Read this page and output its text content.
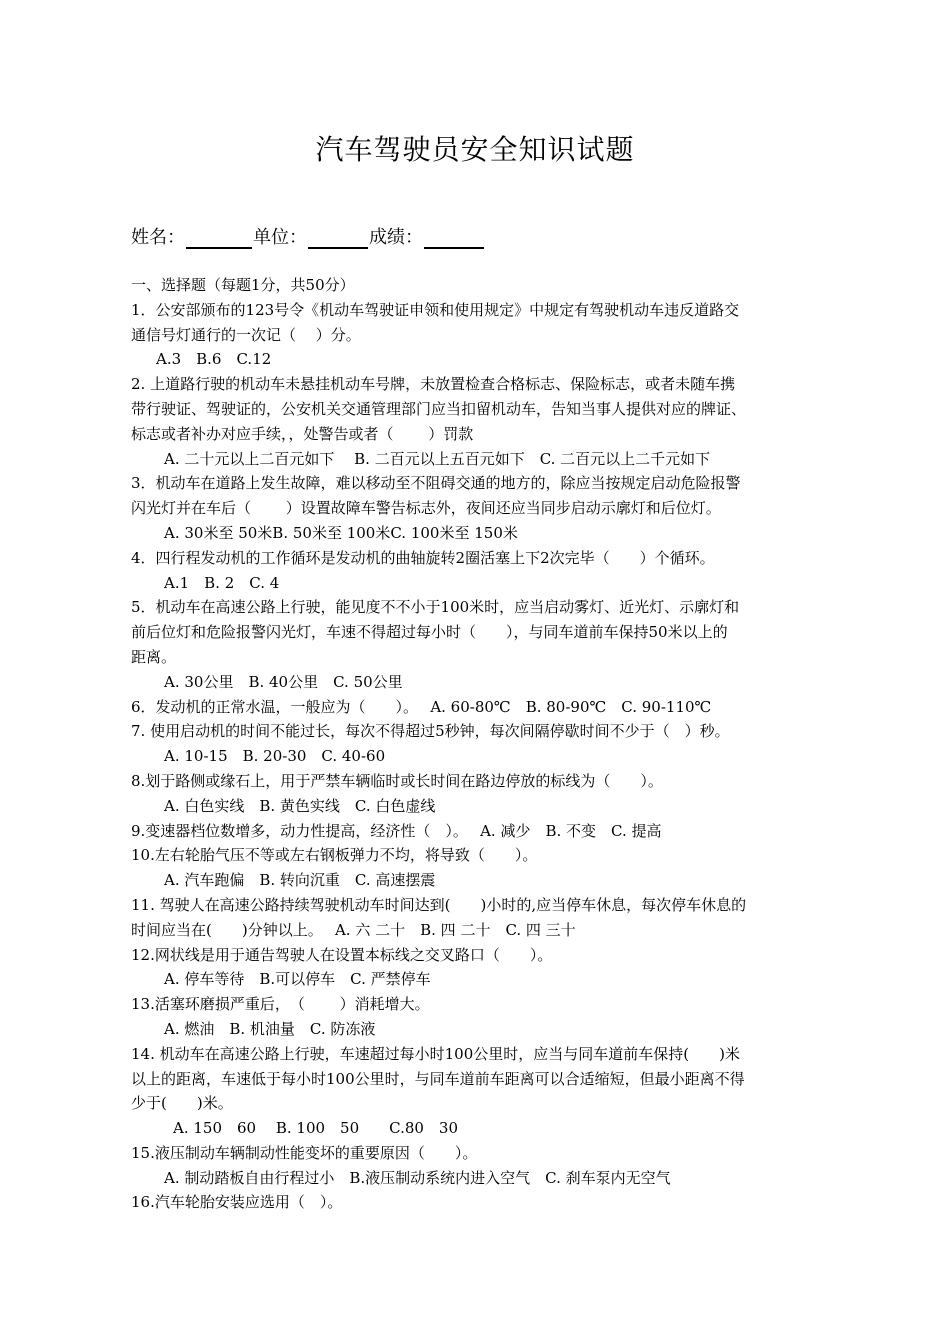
汽车驾驶员安全知识试题
姓名：	单位：	成绩：

一、选择题（每题1分，共50分）

1．公安部颁布的123号令《机动车驾驶证申领和使用规定》中规定有驾驶机动车违反道路交

通信号灯通行的一次记（　 ）分。

A.3　B.6　C.12

2. 上道路行驶的机动车未悬挂机动车号牌，未放置检查合格标志、保险标志，或者未随车携

带行驶证、驾驶证的，公安机关交通管理部门应当扣留机动车，告知当事人提供对应的牌证、

标志或者补办对应手续，，处警告或者（　　 ）罚款

A. 二十元以上二百元如下　 B. 二百元以上五百元如下　C. 二百元以上二千元如下

3．机动车在道路上发生故障，难以移动至不阻碍交通的地方的，除应当按规定启动危险报警

闪光灯并在车后（　　 ）设置故障车警告标志外，夜间还应当同步启动示廓灯和后位灯。

A. 30米至 50米B. 50米至 100米C. 100米至 150米

4．四行程发动机的工作循环是发动机的曲轴旋转2圈活塞上下2次完毕（　　）个循环。

A.1　B. 2　C. 4

5．机动车在高速公路上行驶，能见度不不小于100米时，应当启动雾灯、近光灯、示廓灯和

前后位灯和危险报警闪光灯，车速不得超过每小时（　　），与同车道前车保持50米以上的

距离。

A. 30公里　B. 40公里　C. 50公里

6．发动机的正常水温，一般应为（　　）。　 A. 60-80℃　B. 80-90℃　C. 90-110℃

7. 使用启动机的时间不能过长，每次不得超过5秒钟，每次间隔停歇时间不少于（　）秒。

A. 10-15　B. 20-30　C. 40-60

8.划于路侧或缘石上，用于严禁车辆临时或长时间在路边停放的标线为（　　）。

A. 白色实线　B. 黄色实线　C. 白色虚线

9.变速器档位数增多，动力性提高，经济性（　）。　 A. 减少　B. 不变　C. 提高

10.左右轮胎气压不等或左右钢板弹力不均，将导致（　　）。

A. 汽车跑偏　B. 转向沉重　C. 高速摆震

11. 驾驶人在高速公路持续驾驶机动车时间达到(　　)小时的,应当停车休息，每次停车休息的

时间应当在(　　)分钟以上。　 A. 六 二十　B. 四 二十　C. 四 三十

12.网状线是用于通告驾驶人在设置本标线之交叉路口（　　）。

A. 停车等待　B.可以停车　C. 严禁停车

13.活塞环磨损严重后，　（　　 ）消耗增大。

A. 燃油　B. 机油量　C. 防冻液

14. 机动车在高速公路上行驶，车速超过每小时100公里时，应当与同车道前车保持(　　)米

以上的距离，车速低于每小时100公里时，与同车道前车距离可以合适缩短，但最小距离不得

少于(　　)米。

A. 150　60　 B. 100　50　　C.80　30

15.液压制动车辆制动性能变坏的重要原因（　　）。

A. 制动踏板自由行程过小　B.液压制动系统内进入空气　C. 刹车泵内无空气

16.汽车轮胎安装应选用（　）。
